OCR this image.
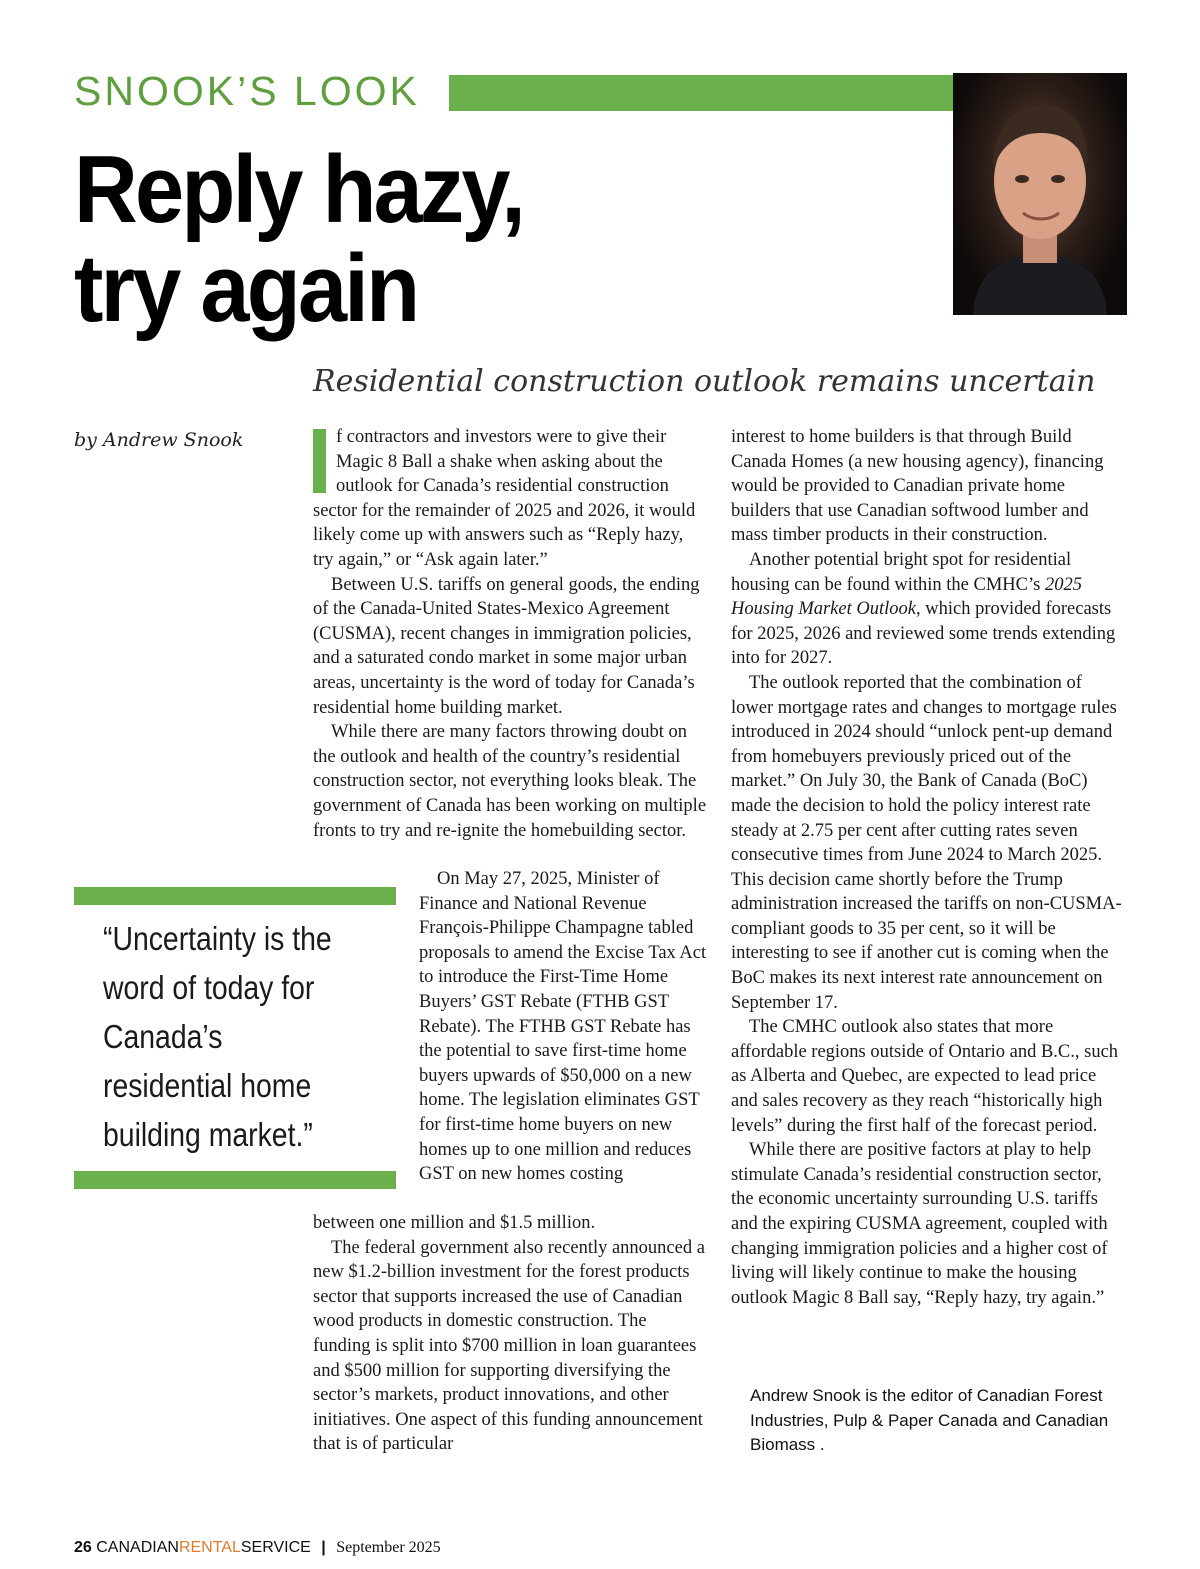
SNOOK’S LOOK
Reply hazy,
try again
Residential construction outlook remains uncertain
by Andrew Snook	f contractors and investors were to give their Magic 8 Ball a shake when asking about the outlook for Canada’s residential construction sector for the remainder of 2025 and 2026, it would likely come up with answers such as “Reply hazy, try again,” or “Ask again later.”

Between U.S. tariffs on general goods, the ending of the Canada-United States-Mexico Agreement (CUSMA), recent changes in immigration policies, and a saturated condo market in some major urban areas, uncertainty is the word of today for Canada’s residential home building market.

While there are many factors throwing doubt on the outlook and health of the country’s residential construction sector, not everything looks bleak. The government of Canada has been working on multiple fronts to try and re-ignite the homebuilding sector.

On May 27, 2025, Minister of Finance and National Revenue François-Philippe Champagne tabled proposals to amend the Excise Tax Act to introduce the First-Time Home Buyers’ GST Rebate (FTHB GST Rebate). The FTHB GST Rebate has the potential to save first-time home buyers upwards of $50,000 on a new home. The legislation eliminates GST for first-time home buyers on new homes up to one million and reduces GST on new homes costing

between one million and $1.5 million.

The federal government also recently announced a new $1.2-billion investment for the forest products sector that supports increased the use of Canadian wood products in domestic construction. The funding is split into $700 million in loan guarantees and $500 million for supporting diversifying the sector’s markets, product innovations, and other initiatives. One aspect of this funding announcement that is of particular

interest to home builders is that through Build Canada Homes (a new housing agency), financing would be provided to Canadian private home builders that use Canadian softwood lumber and mass timber products in their construction.

Another potential bright spot for residential housing can be found within the CMHC’s 2025 Housing Market Outlook, which provided forecasts for 2025, 2026 and reviewed some trends extending into for 2027.

The outlook reported that the combination of lower mortgage rates and changes to mortgage rules introduced in 2024 should “unlock pent-up demand from homebuyers previously priced out of the market.” On July 30, the Bank of Canada (BoC) made the decision to hold the policy interest rate steady at 2.75 per cent after cutting rates seven consecutive times from June 2024 to March 2025. This decision came shortly before the Trump administration increased the tariffs on non-CUSMA-compliant goods to 35 per cent, so it will be interesting to see if another cut is coming when the BoC makes its next interest rate announcement on September 17.

The CMHC outlook also states that more affordable regions outside of Ontario and B.C., such as Alberta and Quebec, are expected to lead price and sales recovery as they reach “historically high levels” during the first half of the forecast period.

While there are positive factors at play to help stimulate Canada’s residential construction sector, the economic uncertainty surrounding U.S. tariffs and the expiring CUSMA agreement, coupled with changing immigration policies and a higher cost of living will likely continue to make the housing outlook Magic 8 Ball say, “Reply hazy, try again.”

“Uncertainty is the word of today for Canada’s residential home building market.”
Andrew Snook is the editor of Canadian Forest Industries, Pulp & Paper Canada and Canadian Biomass .
26 CANADIANRENTALSERVICE | September 2025
